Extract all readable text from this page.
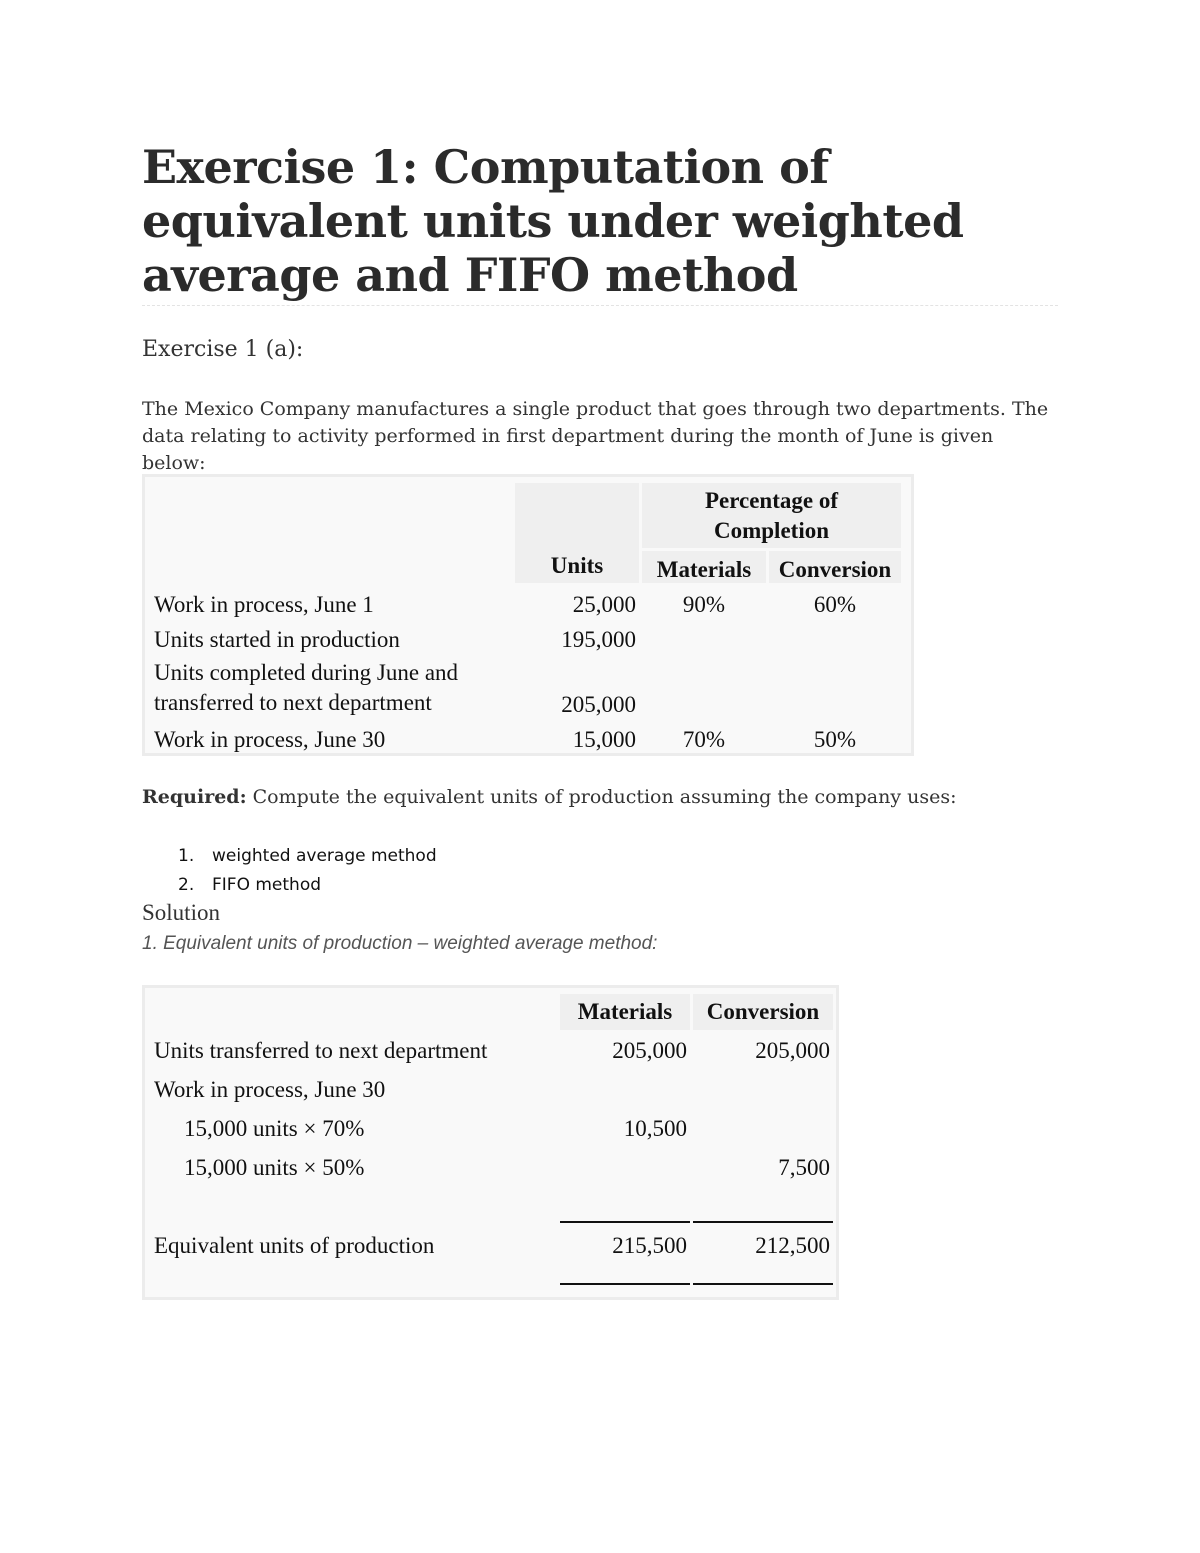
Exercise 1: Computation of equivalent units under weighted average and FIFO method
Exercise 1 (a):
The Mexico Company manufactures a single product that goes through two departments. The data relating to activity performed in first department during the month of June is given below:
	Units	Percentage of Completion	
		Materials	Conversion
Work in process, June 1	25,000	90%	60%
Units started in production	195,000		
Units completed during June and transferred to next department	205,000		
Work in process, June 30	15,000	70%	50%
Required: Compute the equivalent units of production assuming the company uses:
1. weighted average method
2. FIFO method
Solution
1. Equivalent units of production – weighted average method:
	Materials	Conversion
Units transferred to next department	205,000	205,000
Work in process, June 30		
15,000 units × 70%	10,500	
15,000 units × 50%		7,500

Equivalent units of production	215,500	212,500
